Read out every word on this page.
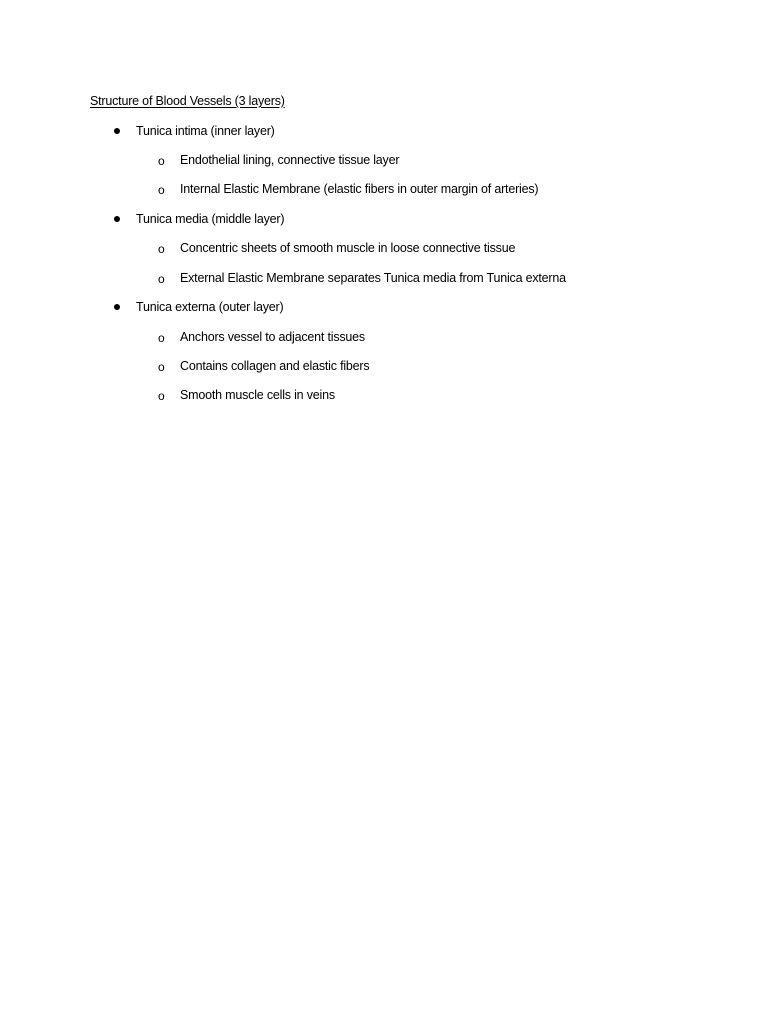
Structure of Blood Vessels (3 layers)
Tunica intima (inner layer)
o Endothelial lining, connective tissue layer
o Internal Elastic Membrane (elastic fibers in outer margin of arteries)
Tunica media (middle layer)
o Concentric sheets of smooth muscle in loose connective tissue
o External Elastic Membrane separates Tunica media from Tunica externa
Tunica externa (outer layer)
o Anchors vessel to adjacent tissues
o Contains collagen and elastic fibers
o Smooth muscle cells in veins
